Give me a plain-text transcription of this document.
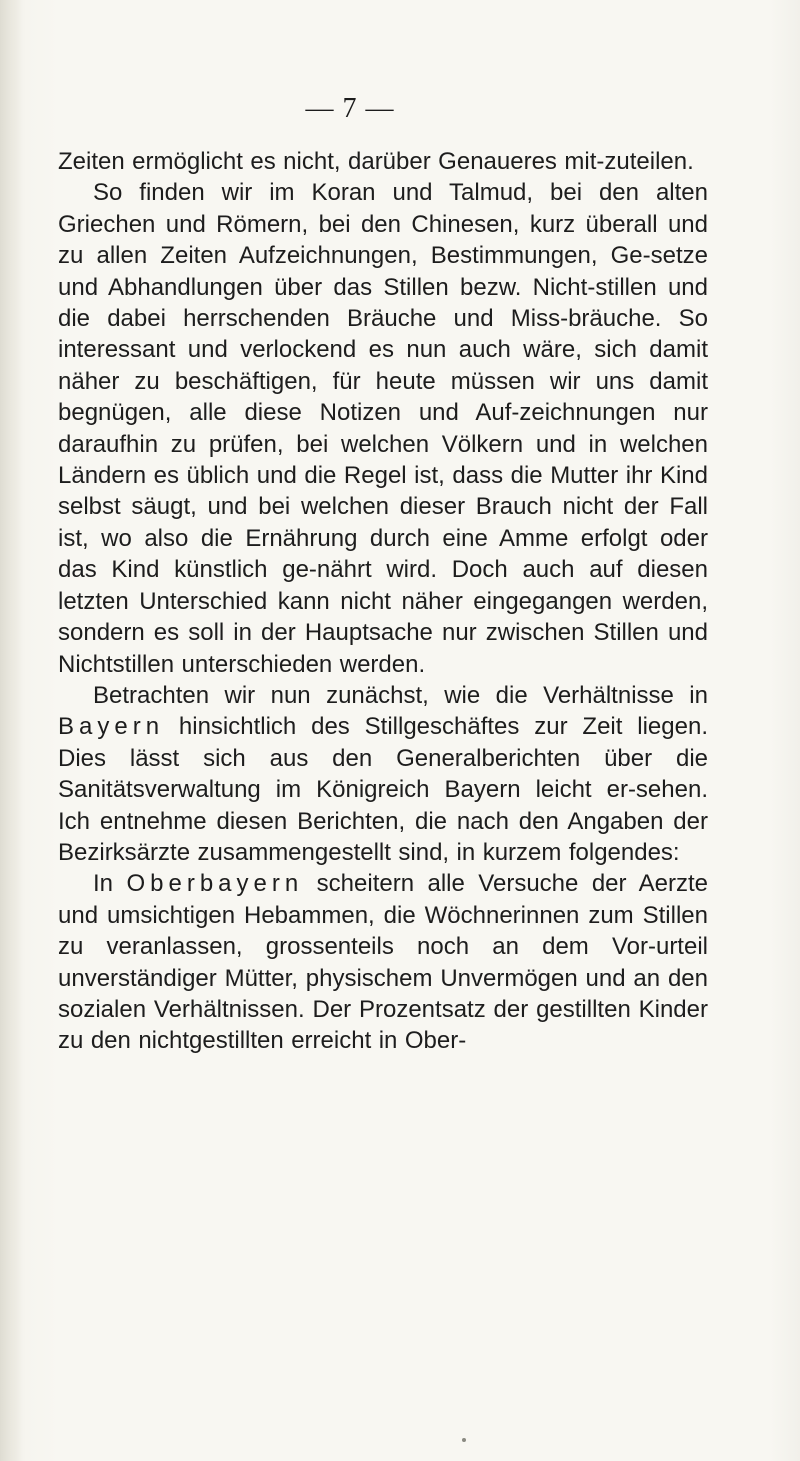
— 7 —

Zeiten ermöglicht es nicht, darüber Genaueres mit-zuteilen.

So finden wir im Koran und Talmud, bei den alten Griechen und Römern, bei den Chinesen, kurz überall und zu allen Zeiten Aufzeichnungen, Bestimmungen, Ge-setze und Abhandlungen über das Stillen bezw. Nicht-stillen und die dabei herrschenden Bräuche und Miss-bräuche. So interessant und verlockend es nun auch wäre, sich damit näher zu beschäftigen, für heute müssen wir uns damit begnügen, alle diese Notizen und Auf-zeichnungen nur daraufhin zu prüfen, bei welchen Völkern und in welchen Ländern es üblich und die Regel ist, dass die Mutter ihr Kind selbst säugt, und bei welchen dieser Brauch nicht der Fall ist, wo also die Ernährung durch eine Amme erfolgt oder das Kind künstlich ge-nährt wird. Doch auch auf diesen letzten Unterschied kann nicht näher eingegangen werden, sondern es soll in der Hauptsache nur zwischen Stillen und Nichtstillen unterschieden werden.

Betrachten wir nun zunächst, wie die Verhältnisse in Bayern hinsichtlich des Stillgeschäftes zur Zeit liegen. Dies lässt sich aus den Generalberichten über die Sanitätsverwaltung im Königreich Bayern leicht er-sehen. Ich entnehme diesen Berichten, die nach den Angaben der Bezirksärzte zusammengestellt sind, in kurzem folgendes:

In Oberbayern scheitern alle Versuche der Aerzte und umsichtigen Hebammen, die Wöchnerinnen zum Stillen zu veranlassen, grossenteils noch an dem Vor-urteil unverständiger Mütter, physischem Unvermögen und an den sozialen Verhältnissen. Der Prozentsatz der gestillten Kinder zu den nichtgestillten erreicht in Ober-
